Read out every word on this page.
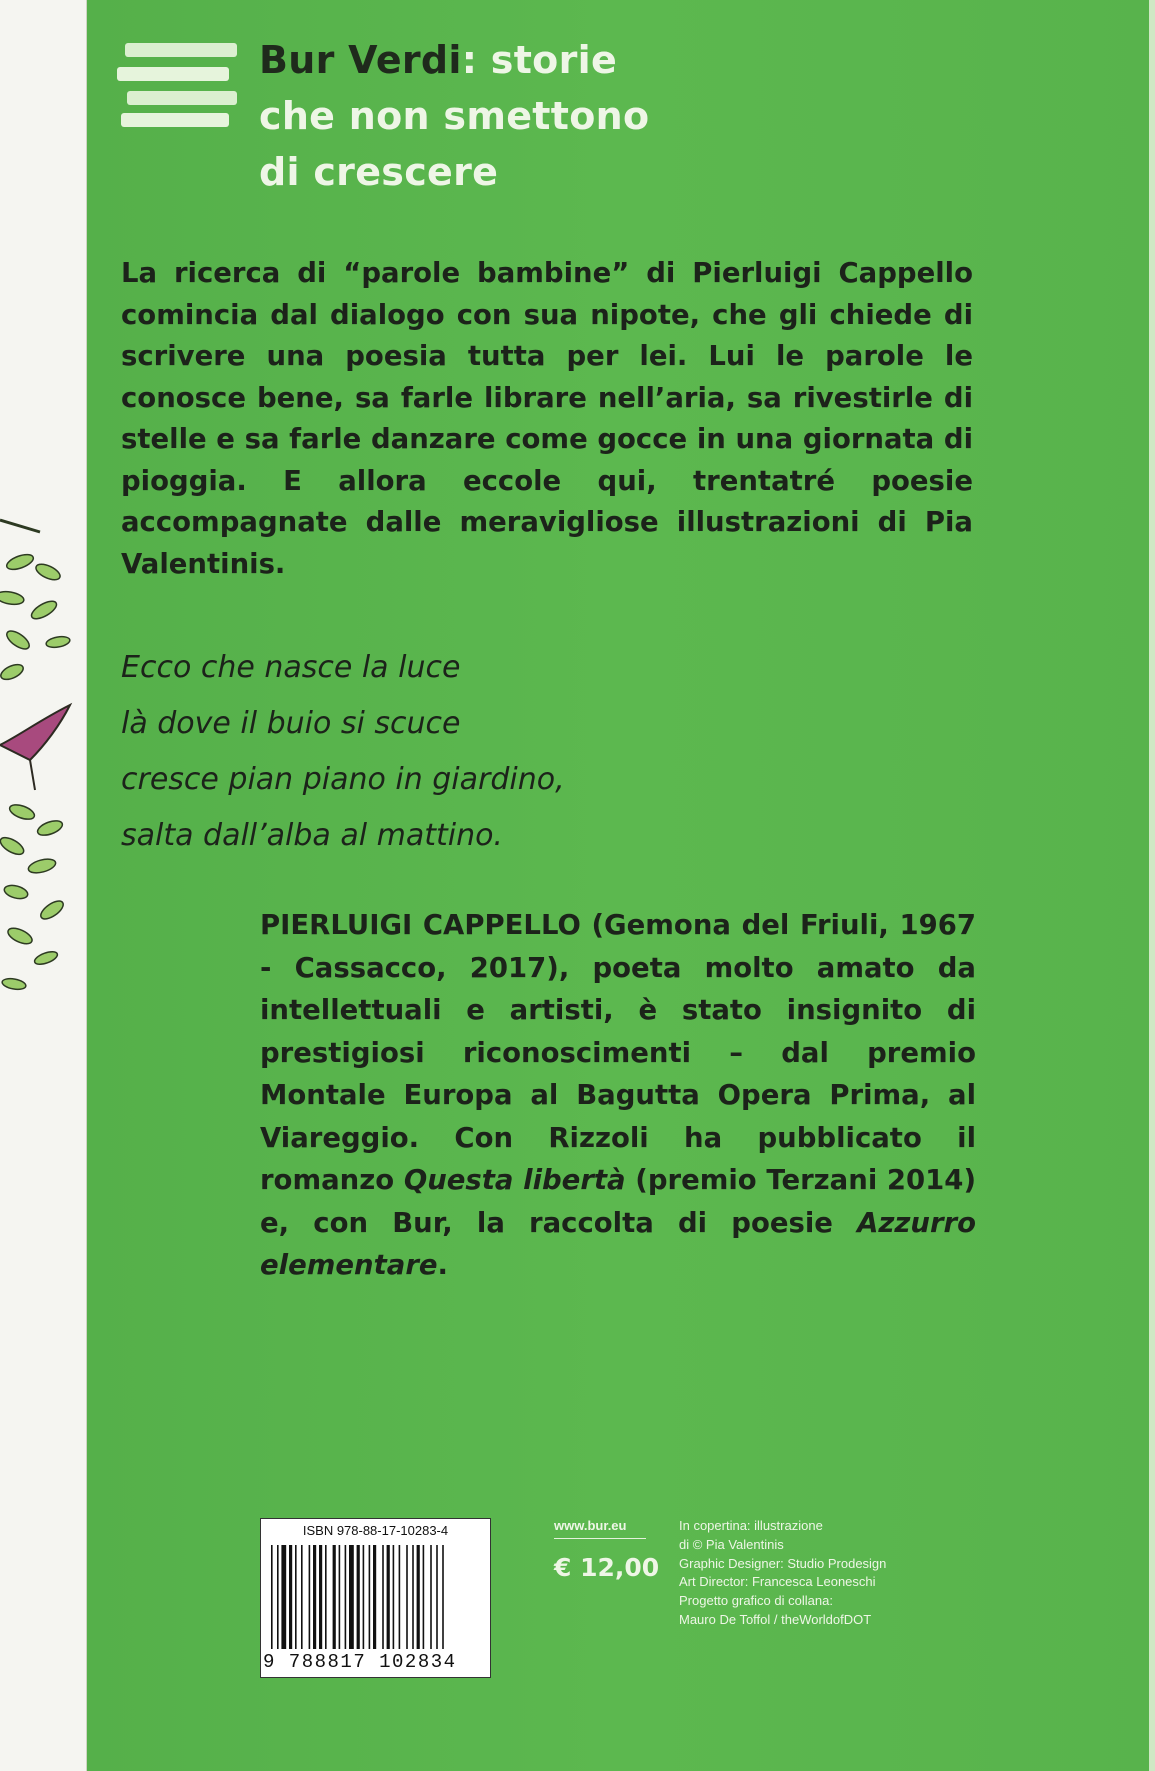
Bur Verdi: storie
che non smettono
di crescere
La ricerca di “parole bambine” di Pierluigi Cappello comincia dal dialogo con sua nipote, che gli chiede di scrivere una poesia tutta per lei. Lui le parole le conosce bene, sa farle librare nell’aria, sa rivestirle di stelle e sa farle danzare come gocce in una giornata di pioggia. E allora eccole qui, trentatré poesie accompagnate dalle meravigliose illustrazioni di Pia Valentinis.
Ecco che nasce la luce
là dove il buio si scuce
cresce pian piano in giardino,
salta dall’alba al mattino.
PIERLUIGI CAPPELLO (Gemona del Friuli, 1967 - Cassacco, 2017), poeta molto amato da intellettuali e artisti, è stato insignito di prestigiosi riconoscimenti – dal premio Montale Europa al Bagutta Opera Prima, al Viareggio. Con Rizzoli ha pubblicato il romanzo Questa libertà (premio Terzani 2014) e, con Bur, la raccolta di poesie Azzurro elementare.
ISBN 978-88-17-10283-4
9 788817 102834
www.bur.eu
€ 12,00
In copertina: illustrazione
di © Pia Valentinis
Graphic Designer: Studio Prodesign
Art Director: Francesca Leoneschi
Progetto grafico di collana:
Mauro De Toffol / theWorldofDOT
